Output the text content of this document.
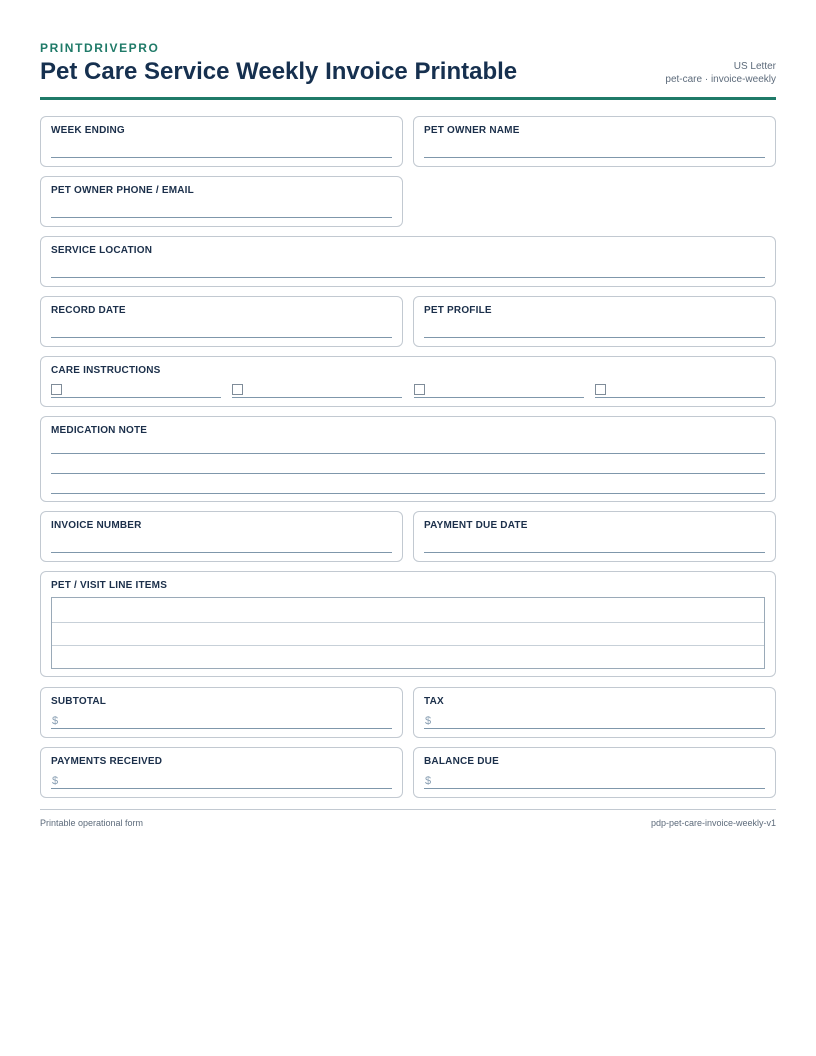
PRINTDRIVEPRO
Pet Care Service Weekly Invoice Printable	US Letter
pet-care · invoice-weekly
WEEK ENDING	PET OWNER NAME
PET OWNER PHONE / EMAIL
SERVICE LOCATION
RECORD DATE	PET PROFILE
CARE INSTRUCTIONS
MEDICATION NOTE
INVOICE NUMBER	PAYMENT DUE DATE
PET / VISIT LINE ITEMS
SUBTOTAL
$
TAX
$
PAYMENTS RECEIVED
$
BALANCE DUE
$
Printable operational form	pdp-pet-care-invoice-weekly-v1
